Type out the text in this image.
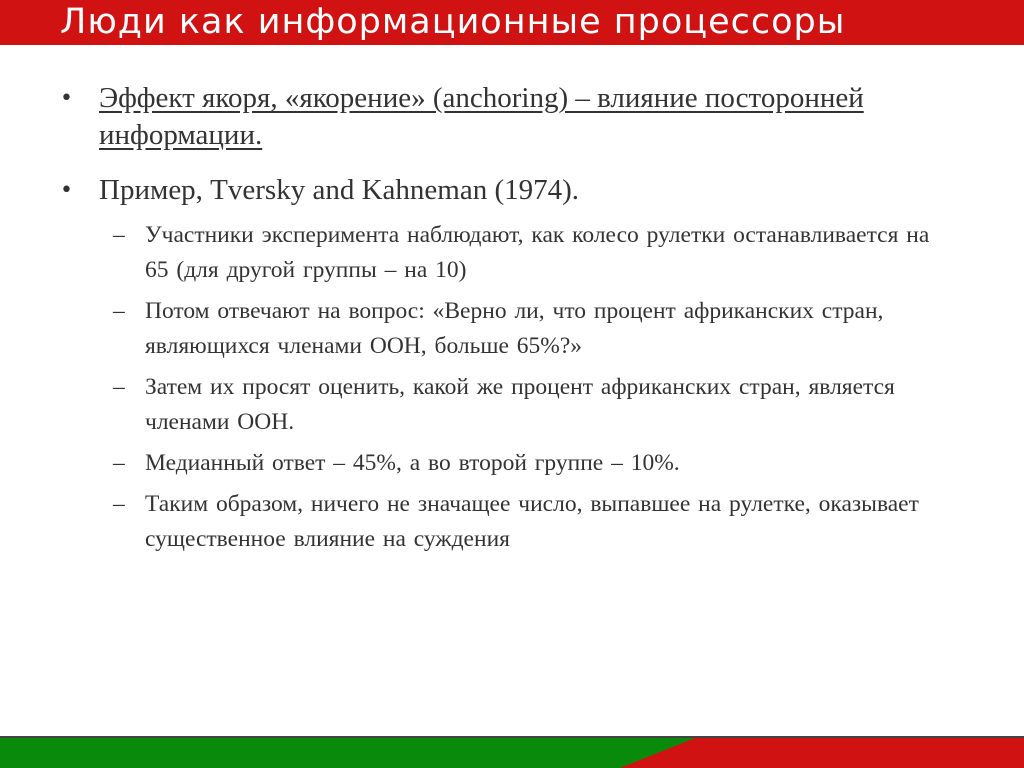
Люди как информационные процессоры
• Эффект якоря, «якорение» (anchoring) – влияние посторонней информации.
• Пример, Tversky and Kahneman (1974).
– Участники эксперимента наблюдают, как колесо рулетки останавливается на 65 (для другой группы – на 10)
– Потом отвечают на вопрос: «Верно ли, что процент африканских стран, являющихся членами ООН, больше 65%?»
– Затем их просят оценить, какой же процент африканских стран, является членами ООН.
– Медианный ответ – 45%, а во второй группе – 10%.
– Таким образом, ничего не значащее число, выпавшее на рулетке, оказывает существенное влияние на суждения
